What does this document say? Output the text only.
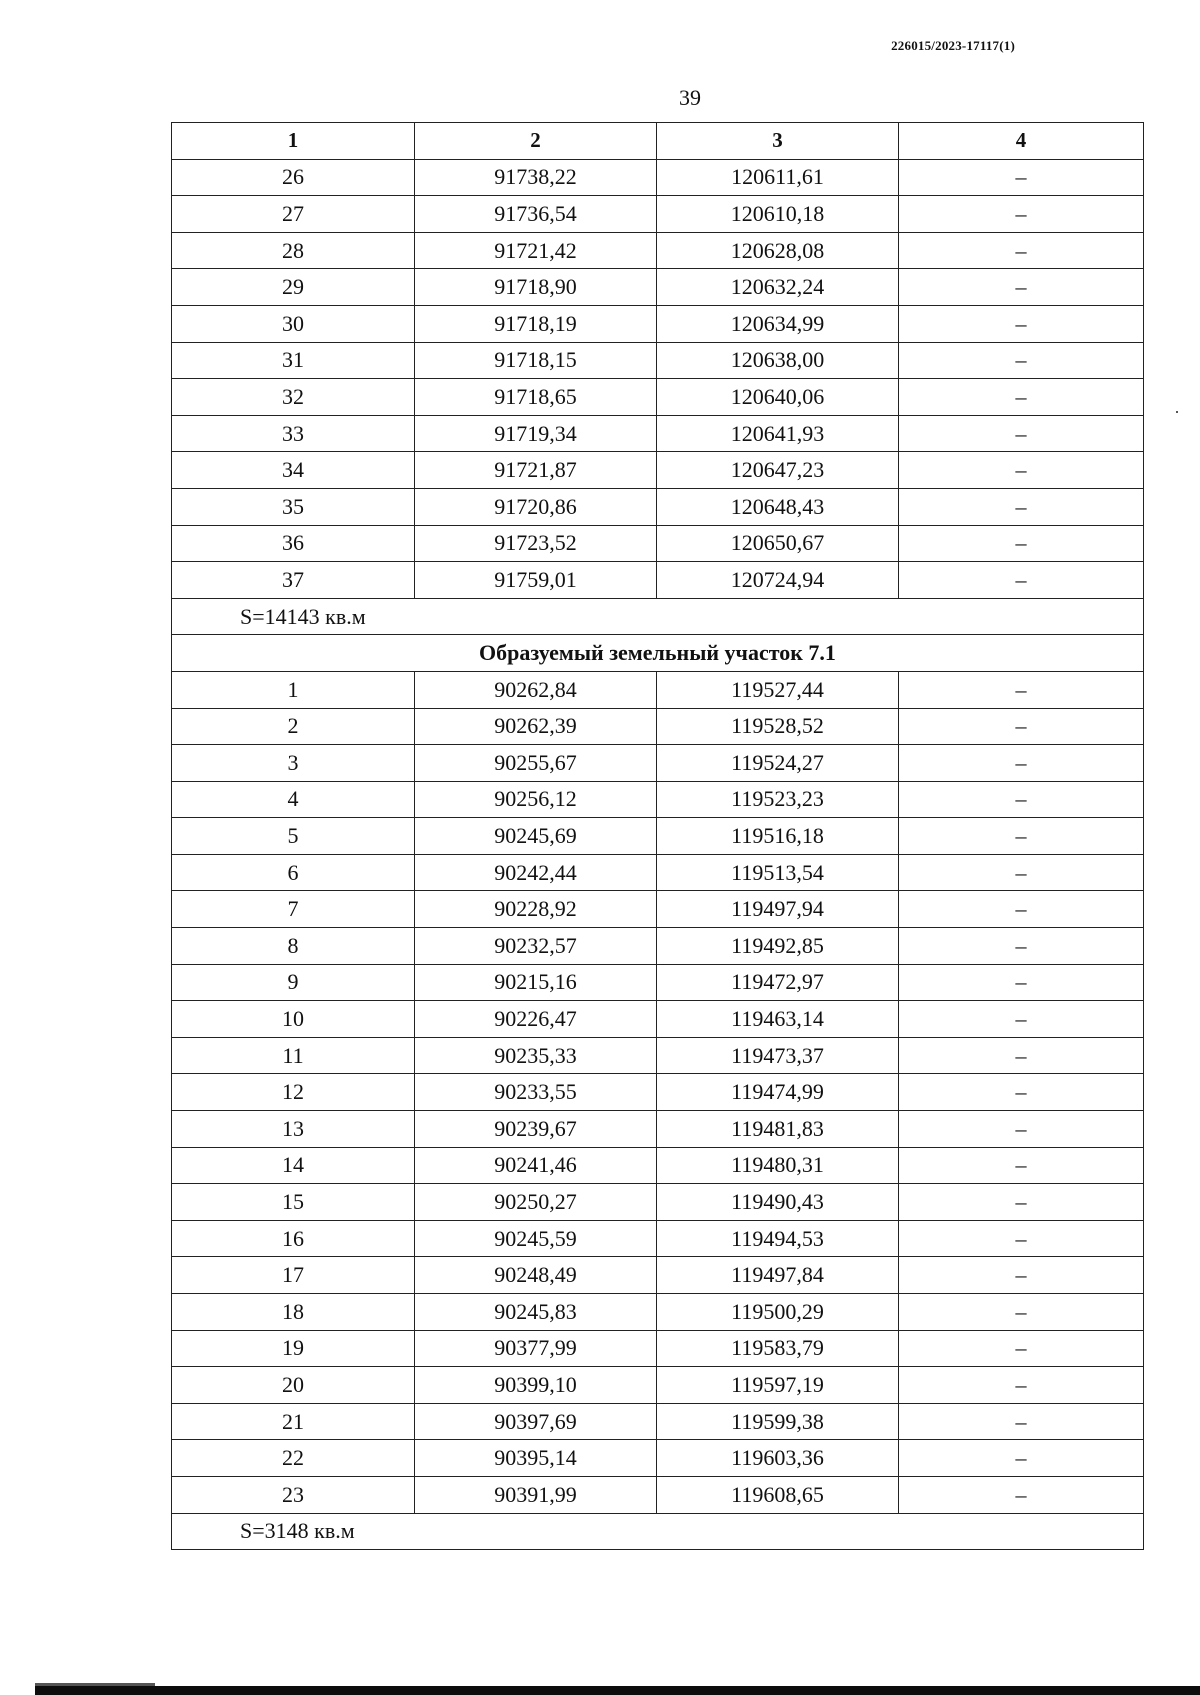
226015/2023-17117(1)
39
1	2	3	4
26	91738,22	120611,61	–
27	91736,54	120610,18	–
28	91721,42	120628,08	–
29	91718,90	120632,24	–
30	91718,19	120634,99	–
31	91718,15	120638,00	–
32	91718,65	120640,06	–
33	91719,34	120641,93	–
34	91721,87	120647,23	–
35	91720,86	120648,43	–
36	91723,52	120650,67	–
37	91759,01	120724,94	–
S=14143 кв.м			
Образуемый земельный участок 7.1			
1	90262,84	119527,44	–
2	90262,39	119528,52	–
3	90255,67	119524,27	–
4	90256,12	119523,23	–
5	90245,69	119516,18	–
6	90242,44	119513,54	–
7	90228,92	119497,94	–
8	90232,57	119492,85	–
9	90215,16	119472,97	–
10	90226,47	119463,14	–
11	90235,33	119473,37	–
12	90233,55	119474,99	–
13	90239,67	119481,83	–
14	90241,46	119480,31	–
15	90250,27	119490,43	–
16	90245,59	119494,53	–
17	90248,49	119497,84	–
18	90245,83	119500,29	–
19	90377,99	119583,79	–
20	90399,10	119597,19	–
21	90397,69	119599,38	–
22	90395,14	119603,36	–
23	90391,99	119608,65	–
S=3148 кв.м			
